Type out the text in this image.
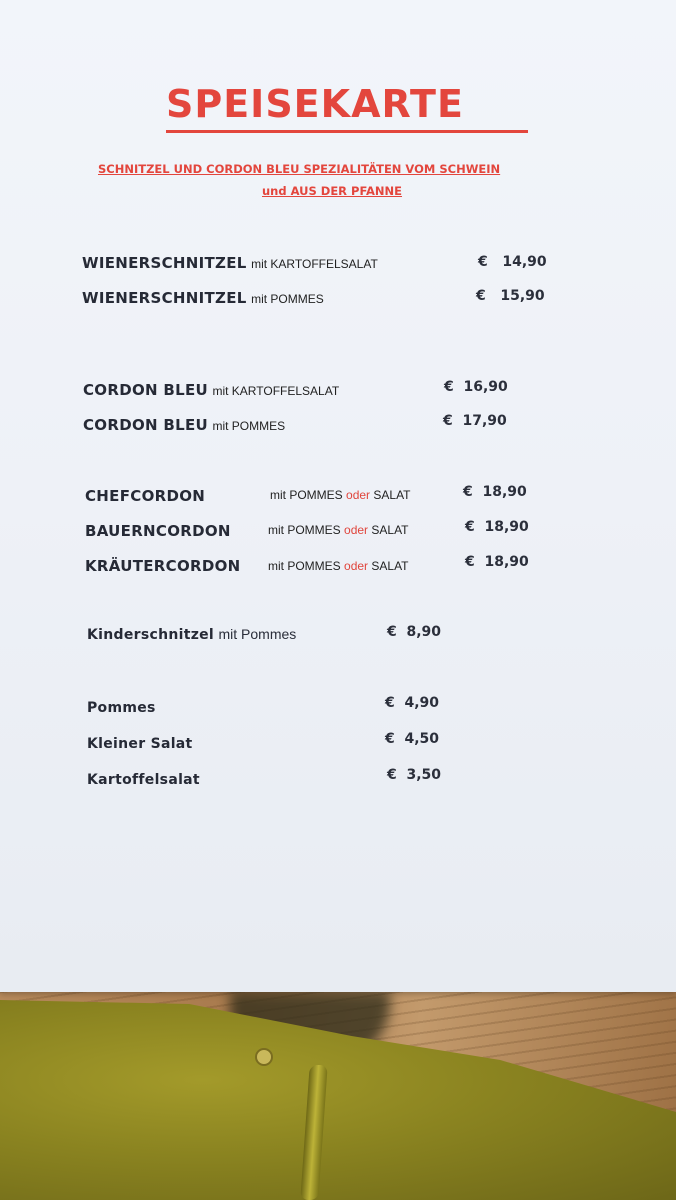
SPEISEKARTE
SCHNITZEL UND CORDON BLEU SPEZIALITÄTEN VOM SCHWEIN
und AUS DER PFANNE
WIENERSCHNITZEL mit KARTOFFELSALAT	€ 14,90
WIENERSCHNITZEL mit POMMES	€ 15,90
CORDON BLEU mit KARTOFFELSALAT	€ 16,90
CORDON BLEU mit POMMES	€ 17,90
CHEFCORDON	mit POMMES oder SALAT	€ 18,90
BAUERNCORDON	mit POMMES oder SALAT	€ 18,90
KRÄUTERCORDON mit POMMES oder SALAT	€ 18,90
Kinderschnitzel mit Pommes	€ 8,90
Pommes	€ 4,90
Kleiner Salat	€ 4,50
Kartoffelsalat	€ 3,50
